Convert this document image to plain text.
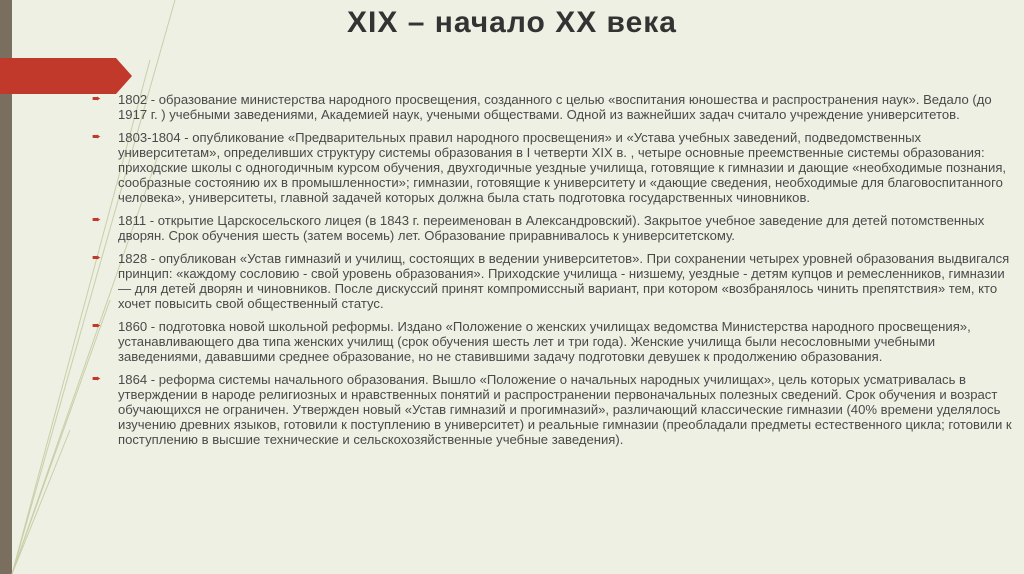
XIX – начало XX века
➨	1802 - образование министерства народного просвещения, созданного с целью «воспитания юношества и распространения наук». Ведало (до 1917 г. ) учебными заведениями, Академией наук, учеными обществами. Одной из важнейших задач считало учреждение университетов.
➨	1803-1804 - опубликование «Предварительных правил народного просвещения» и «Устава учебных заведений, подведомственных университетам», определивших структуру системы образования в I четверти XIX в. , четыре основные преемственные системы образования: приходские школы с одногодичным курсом обучения, двухгодичные уездные училища, готовящие к гимназии и дающие «необходимые познания, сообразные состоянию их в промышленности»; гимназии, готовящие к университету и «дающие сведения, необходимые для благовоспитанного человека», университеты, главной задачей которых должна была стать подготовка государственных чиновников.
➨	1811 - открытие Царскосельского лицея (в 1843 г. переименован в Александровский). Закрытое учебное заведение для детей потомственных дворян. Срок обучения шесть (затем восемь) лет. Образование приравнивалось к университетскому.
➨	1828 - опубликован «Устав гимназий и училищ, состоящих в ведении университетов». При сохранении четырех уровней образования выдвигался принцип: «каждому сословию - свой уровень образования». Приходские училища - низшему, уездные - детям купцов и ремесленников, гимназии — для детей дворян и чиновников. После дискуссий принят компромиссный вариант, при котором «возбранялось чинить препятствия» тем, кто хочет повысить свой общественный статус.
➨	1860 - подготовка новой школьной реформы. Издано «Положение о женских училищах ведомства Министерства народного просвещения», устанавливающего два типа женских училищ (срок обучения шесть лет и три года). Женские училища были несословными учебными заведениями, дававшими среднее образование, но не ставившими задачу подготовки девушек к продолжению образования.
➨	1864 - реформа системы начального образования. Вышло «Положение о начальных народных училищах», цель которых усматривалась в утверждении в народе религиозных и нравственных понятий и распространении первоначальных полезных сведений. Срок обучения и возраст обучающихся не ограничен. Утвержден новый «Устав гимназий и прогимназий», различающий классические гимназии (40% времени уделялось изучению древних языков, готовили к поступлению в университет) и реальные гимназии (преобладали предметы естественного цикла; готовили к поступлению в высшие технические и сельскохозяйственные учебные заведения).
